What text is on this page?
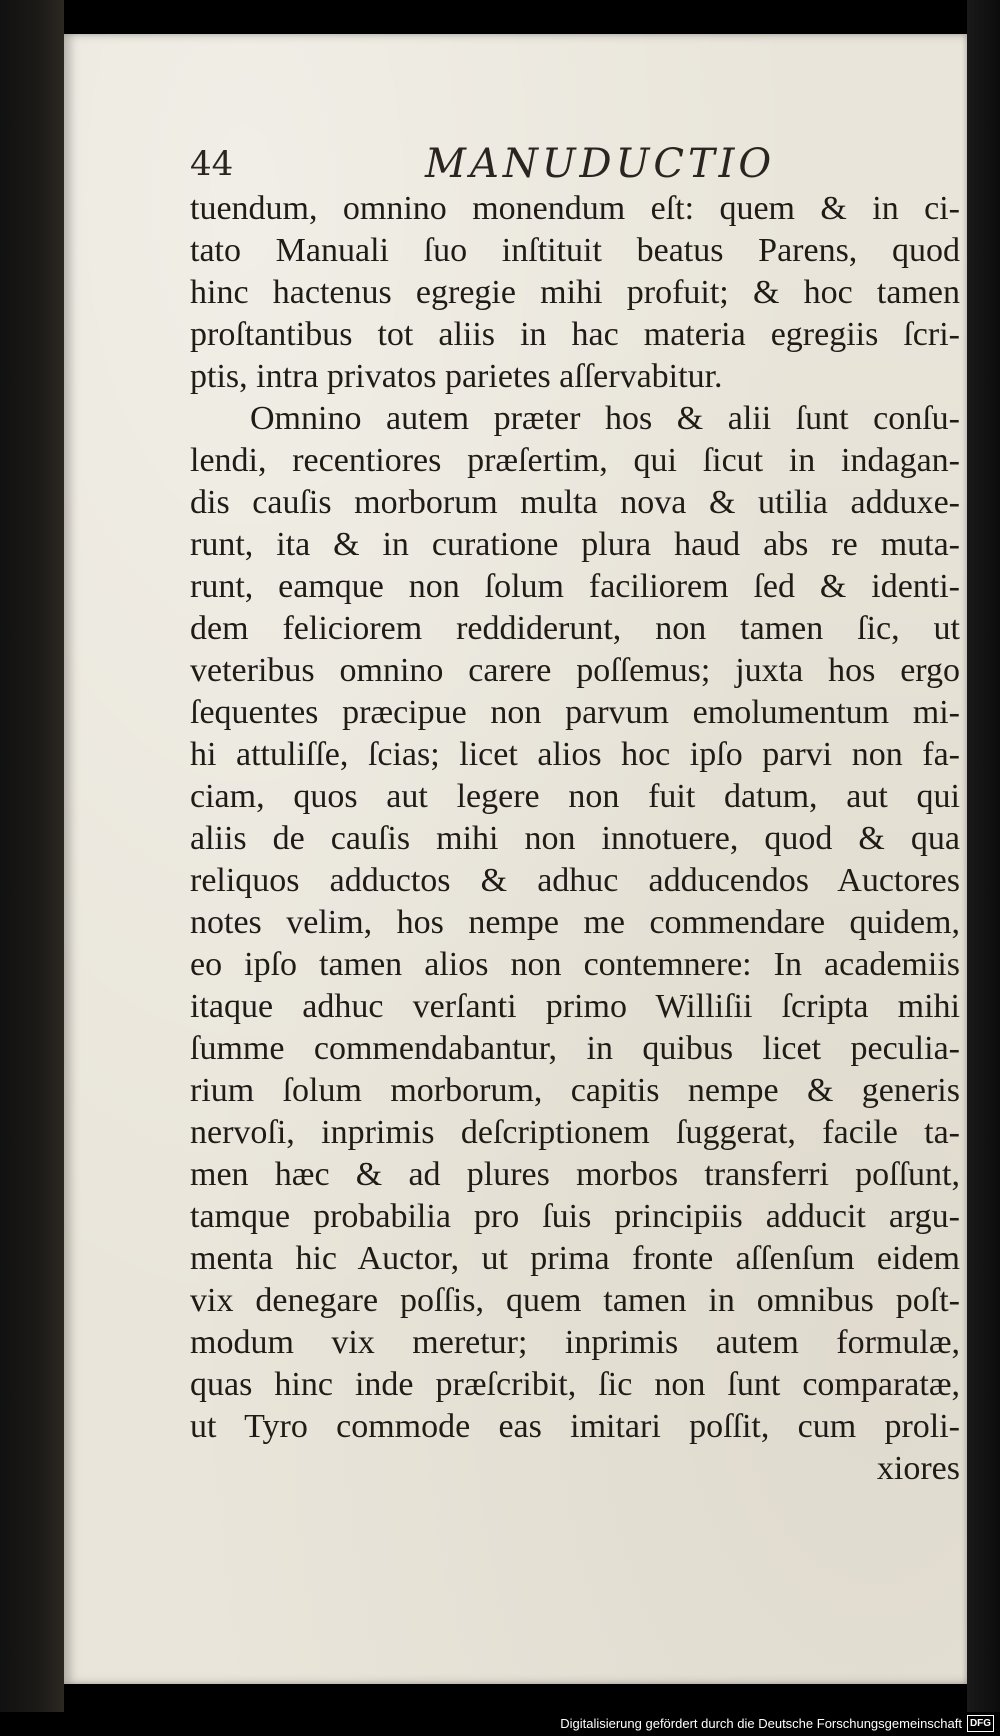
44	MANUDUCTIO
tuendum, omnino monendum eſt: quem & in ci-
tato Manuali ſuo inſtituit beatus Parens, quod
hinc hactenus egregie mihi profuit; & hoc tamen
proſtantibus tot aliis in hac materia egregiis ſcri-
ptis, intra privatos parietes aſſervabitur.
Omnino autem præter hos & alii ſunt conſu-
lendi, recentiores præſertim, qui ſicut in indagan-
dis cauſis morborum multa nova & utilia adduxe-
runt, ita & in curatione plura haud abs re muta-
runt, eamque non ſolum faciliorem ſed & identi-
dem feliciorem reddiderunt, non tamen ſic, ut
veteribus omnino carere poſſemus; juxta hos ergo
ſequentes præcipue non parvum emolumentum mi-
hi attuliſſe, ſcias; licet alios hoc ipſo parvi non fa-
ciam, quos aut legere non fuit datum, aut qui
aliis de cauſis mihi non innotuere, quod & qua
reliquos adductos & adhuc adducendos Auctores
notes velim, hos nempe me commendare quidem,
eo ipſo tamen alios non contemnere: In academiis
itaque adhuc verſanti primo Williſii ſcripta mihi
ſumme commendabantur, in quibus licet peculia-
rium ſolum morborum, capitis nempe & generis
nervoſi, inprimis deſcriptionem ſuggerat, facile ta-
men hæc & ad plures morbos transferri poſſunt,
tamque probabilia pro ſuis principiis adducit argu-
menta hic Auctor, ut prima fronte aſſenſum eidem
vix denegare poſſis, quem tamen in omnibus poſt-
modum vix meretur; inprimis autem formulæ,
quas hinc inde præſcribit, ſic non ſunt comparatæ,
ut Tyro commode eas imitari poſſit, cum proli-
xiores
Digitalisierung gefördert durch die Deutsche Forschungsgemeinschaft DFG
